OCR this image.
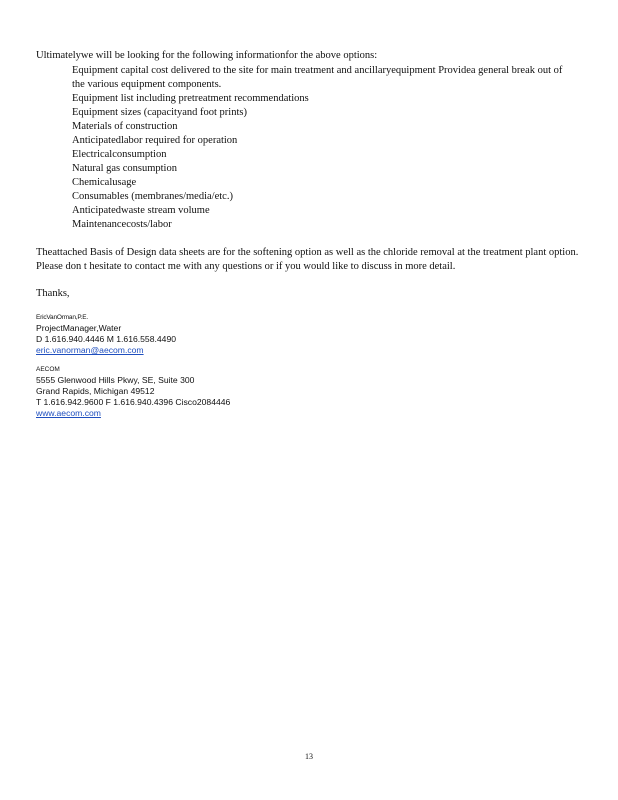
Ultimatelywe will be looking for the following informationfor the above options:
Equipment capital cost delivered to the site for main treatment and ancillaryequipment Providea general break out of the various equipment components.
Equipment list including pretreatment recommendations
Equipment sizes (capacityand foot prints)
Materials of construction
Anticipatedlabor required for operation
Electricalconsumption
Natural gas consumption
Chemicalusage
Consumables (membranes/media/etc.)
Anticipatedwaste stream volume
Maintenancecosts/labor
Theattached Basis of Design data sheets are for the softening option as well as the chloride removal at the treatment plant option. Please don t hesitate to contact me with any questions or if you would like to discuss in more detail.
Thanks,
EricVanOrman,P.E.
ProjectManager,Water
D 1.616.940.4446 M 1.616.558.4490
eric.vanorman@aecom.com
AECOM
5555 Glenwood Hills Pkwy, SE, Suite 300
Grand Rapids, Michigan 49512
T 1.616.942.9600 F 1.616.940.4396 Cisco2084446
www.aecom.com
13
